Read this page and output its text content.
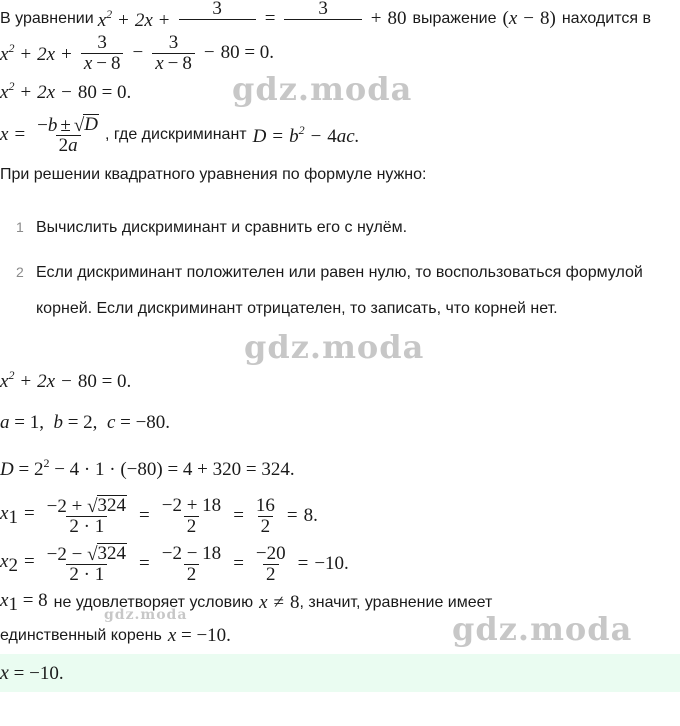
В уравнении $x^2 + 2x$ +
3
= 3
	+ 80 выражение (x − 8) находится в
$x^2 + 2x + \frac{3}{x - 8} - \frac{3}{x - 8} - 80 = 0$.
$x^2 + 2x - 80 = 0$.
$x = \frac{-b \pm √ D}{2a}$ , где дискриминант $D = b^2 - 4ac$.
При решении квадратного уравнения по формуле нужно:
1 Вычислить дискриминант и сравнить его с нулём.
2 Если дискриминант положителен или равен нулю, то воспользоваться формулой корней. Если дискриминант отрицателен, то записать, что корней нет.
$x^2 + 2x - 80 = 0$.
a = 1,  b = 2,  c = −80.
$D = 2^2 - 4 \cdot 1 \cdot (-80) = 4 + 320 = 324$.
$x_1 = \frac{-2 + √ 324}{2 \cdot 1} = \frac{-2 + 18}{2} = \frac{16}{2} = 8$.
$x_2 = \frac{-2 - √ 324}{2 \cdot 1} = \frac{-2 - 18}{2} = \frac{-20}{2} = -10$.
$x_1 = 8$ не удовлетворяет условию x ≠ 8 , значит, уравнение имеет
единственный корень x = −10.
x = −10.
gdz.moda
gdz.moda
gdz.moda	gdz.moda
